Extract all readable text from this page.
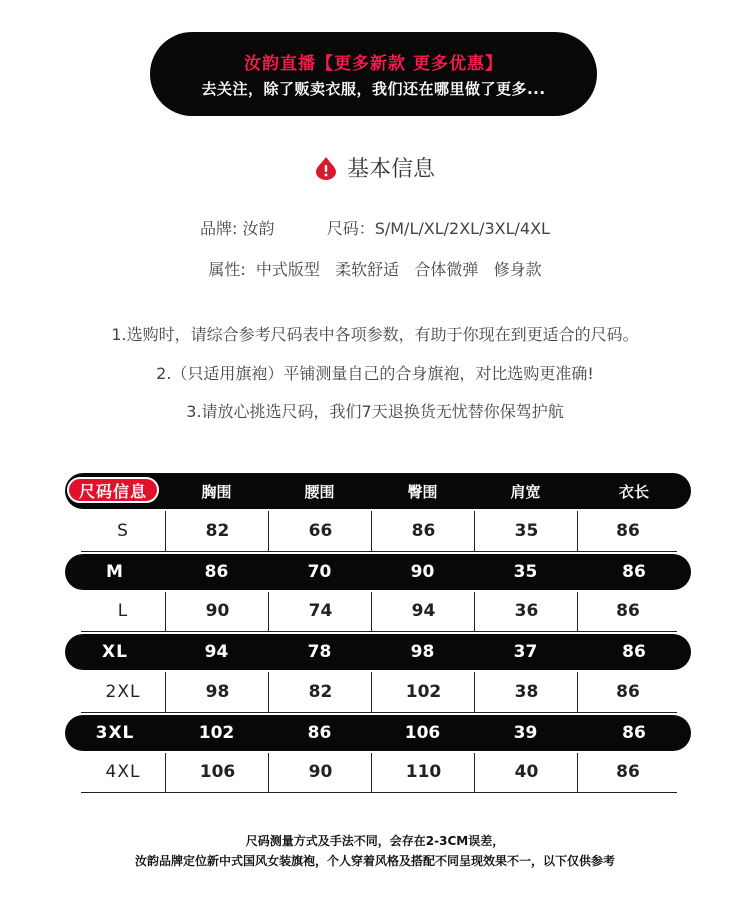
汝韵直播【更多新款 更多优惠】
去关注，除了贩卖衣服，我们还在哪里做了更多...
基本信息
品牌: 汝韵	尺码：S/M/L/XL/2XL/3XL/4XL
属性:  中式版型   柔软舒适   合体微弹   修身款
1.选购时，请综合参考尺码表中各项参数，有助于你现在到更适合的尺码。
2.（只适用旗袍）平铺测量自己的合身旗袍，对比选购更准确!
3.请放心挑选尺码，我们7天退换货无忧替你保驾护航
尺码信息	胸围	腰围	臀围	肩宽	衣长
S	82	66	86	35	86
M	86	70	90	35	86
L	90	74	94	36	86
XL	94	78	98	37	86
2XL	98	82	102	38	86
3XL	102	86	106	39	86
4XL	106	90	110	40	86
尺码测量方式及手法不同，会存在2-3CM误差，
汝韵品牌定位新中式国风女装旗袍，个人穿着风格及搭配不同呈现效果不一，以下仅供参考
